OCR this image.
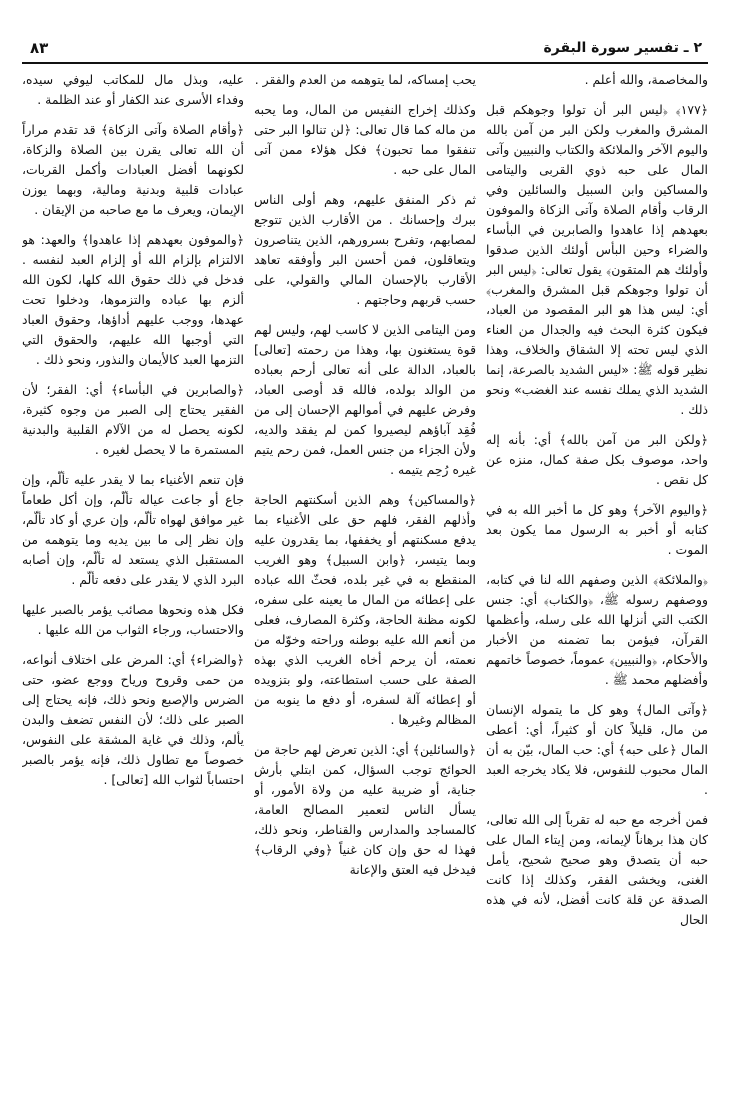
٢ ـ تفسير سورة البقرة
٨٣

والمخاصمة، والله أعلم .

﴿١٧٧﴾ ﴿ليس البر أن تولوا وجوهكم قبل المشرق والمغرب ولكن البر من آمن بالله واليوم الآخر والملائكة والكتاب والنبيين وآتى المال على حبه ذوي القربى واليتامى والمساكين وابن السبيل والسائلين وفي الرقاب وأقام الصلاة وآتى الزكاة والموفون بعهدهم إذا عاهدوا والصابرين في البأساء والضراء وحين البأس أولئك الذين صدقوا وأولئك هم المتقون﴾ يقول تعالى: ﴿ليس البر أن تولوا وجوهكم قبل المشرق والمغرب﴾ أي: ليس هذا هو البر المقصود من العباد، فيكون كثرة البحث فيه والجدال من العناء الذي ليس تحته إلا الشقاق والخلاف، وهذا نظير قوله ﷺ: «ليس الشديد بالصرعة، إنما الشديد الذي يملك نفسه عند الغضب» ونحو ذلك .

﴿ولكن البر من آمن بالله﴾ أي: بأنه إله واحد، موصوف بكل صفة كمال، منزه عن كل نقص .

﴿واليوم الآخر﴾ وهو كل ما أخبر الله به في كتابه أو أخبر به الرسول مما يكون بعد الموت .

﴿والملائكة﴾ الذين وصفهم الله لنا في كتابه، ووصفهم رسوله ﷺ، ﴿والكتاب﴾ أي: جنس الكتب التي أنزلها الله على رسله، وأعظمها القرآن، فيؤمن بما تضمنه من الأخبار والأحكام، ﴿والنبيين﴾ عموماً، خصوصاً خاتمهم وأفضلهم محمد ﷺ .

﴿وآتى المال﴾ وهو كل ما يتموله الإنسان من مال، قليلاً كان أو كثيراً، أي: أعطى المال ﴿على حبه﴾ أي: حب المال، بيّن به أن المال محبوب للنفوس، فلا يكاد يخرجه العبد .

فمن أخرجه مع حبه له تقرباً إلى الله تعالى، كان هذا برهاناً لإيمانه، ومن إيتاء المال على حبه أن يتصدق وهو صحيح شحيح، يأمل الغنى، ويخشى الفقر، وكذلك إذا كانت الصدقة عن قلة كانت أفضل، لأنه في هذه الحال

يحب إمساكه، لما يتوهمه من العدم والفقر .

وكذلك إخراج النفيس من المال، وما يحبه من ماله كما قال تعالى: ﴿لن تنالوا البر حتى تنفقوا مما تحبون﴾ فكل هؤلاء ممن آتى المال على حبه .

ثم ذكر المنفق عليهم، وهم أولى الناس ببرك وإحسانك . من الأقارب الذين تتوجع لمصابهم، وتفرح بسرورهم، الذين يتناصرون ويتعاقلون، فمن أحسن البر وأوفقه تعاهد الأقارب بالإحسان المالي والقولي، على حسب قربهم وحاجتهم .

ومن اليتامى الذين لا كاسب لهم، وليس لهم قوة يستغنون بها، وهذا من رحمته [تعالى] بالعباد، الدالة على أنه تعالى أرحم بعباده من الوالد بولده، فالله قد أوصى العباد، وفرض عليهم في أموالهم الإحسان إلى من فُقِد آباؤهم ليصيروا كمن لم يفقد والديه، ولأن الجزاء من جنس العمل، فمن رحم يتيم غيره رُحِم يتيمه .

﴿والمساكين﴾ وهم الذين أسكنتهم الحاجة وأذلهم الفقر، فلهم حق على الأغنياء بما يدفع مسكنتهم أو يخففها، بما يقدرون عليه وبما يتيسر، ﴿وابن السبيل﴾ وهو الغريب المنقطع به في غير بلده، فحثّ الله عباده على إعطائه من المال ما يعينه على سفره، لكونه مظنة الحاجة، وكثرة المصارف، فعلى من أنعم الله عليه بوطنه وراحته وخوّله من نعمته، أن يرحم أخاه الغريب الذي بهذه الصفة على حسب استطاعته، ولو بتزويده أو إعطائه آلة لسفره، أو دفع ما ينوبه من المظالم وغيرها .

﴿والسائلين﴾ أي: الذين تعرض لهم حاجة من الحوائج توجب السؤال، كمن ابتلي بأرش جناية، أو ضريبة عليه من ولاة الأمور، أو يسأل الناس لتعمير المصالح العامة، كالمساجد والمدارس والقناطر، ونحو ذلك، فهذا له حق وإن كان غنياً ﴿وفي الرقاب﴾ فيدخل فيه العتق والإعانة

عليه، وبذل مال للمكاتب ليوفي سيده، وفداء الأسرى عند الكفار أو عند الظلمة .

﴿وأقام الصلاة وآتى الزكاة﴾ قد تقدم مراراً أن الله تعالى يقرن بين الصلاة والزكاة، لكونهما أفضل العبادات وأكمل القربات، عبادات قلبية وبدنية ومالية، وبهما يوزن الإيمان، ويعرف ما مع صاحبه من الإيقان .

﴿والموفون بعهدهم إذا عاهدوا﴾ والعهد: هو الالتزام بإلزام الله أو إلزام العبد لنفسه . فدخل في ذلك حقوق الله كلها، لكون الله ألزم بها عباده والتزموها، ودخلوا تحت عهدها، ووجب عليهم أداؤها، وحقوق العباد التي أوجبها الله عليهم، والحقوق التي التزمها العبد كالأيمان والنذور، ونحو ذلك .

﴿والصابرين في البأساء﴾ أي: الفقر؛ لأن الفقير يحتاج إلى الصبر من وجوه كثيرة، لكونه يحصل له من الآلام القلبية والبدنية المستمرة ما لا يحصل لغيره .

فإن تنعم الأغنياء بما لا يقدر عليه تألّم، وإن جاع أو جاعت عياله تألّم، وإن أكل طعاماً غير موافق لهواه تألّم، وإن عري أو كاد تألّم، وإن نظر إلى ما بين يديه وما يتوهمه من المستقبل الذي يستعد له تألّم، وإن أصابه البرد الذي لا يقدر على دفعه تألّم .

فكل هذه ونحوها مصائب يؤمر بالصبر عليها والاحتساب، ورجاء الثواب من الله عليها .

﴿والضراء﴾ أي: المرض على اختلاف أنواعه، من حمى وقروح ورياح ووجع عضو، حتى الضرس والإصبع ونحو ذلك، فإنه يحتاج إلى الصبر على ذلك؛ لأن النفس تضعف والبدن يألم، وذلك في غاية المشقة على النفوس، خصوصاً مع تطاول ذلك، فإنه يؤمر بالصبر احتساباً لثواب الله [تعالى] .
